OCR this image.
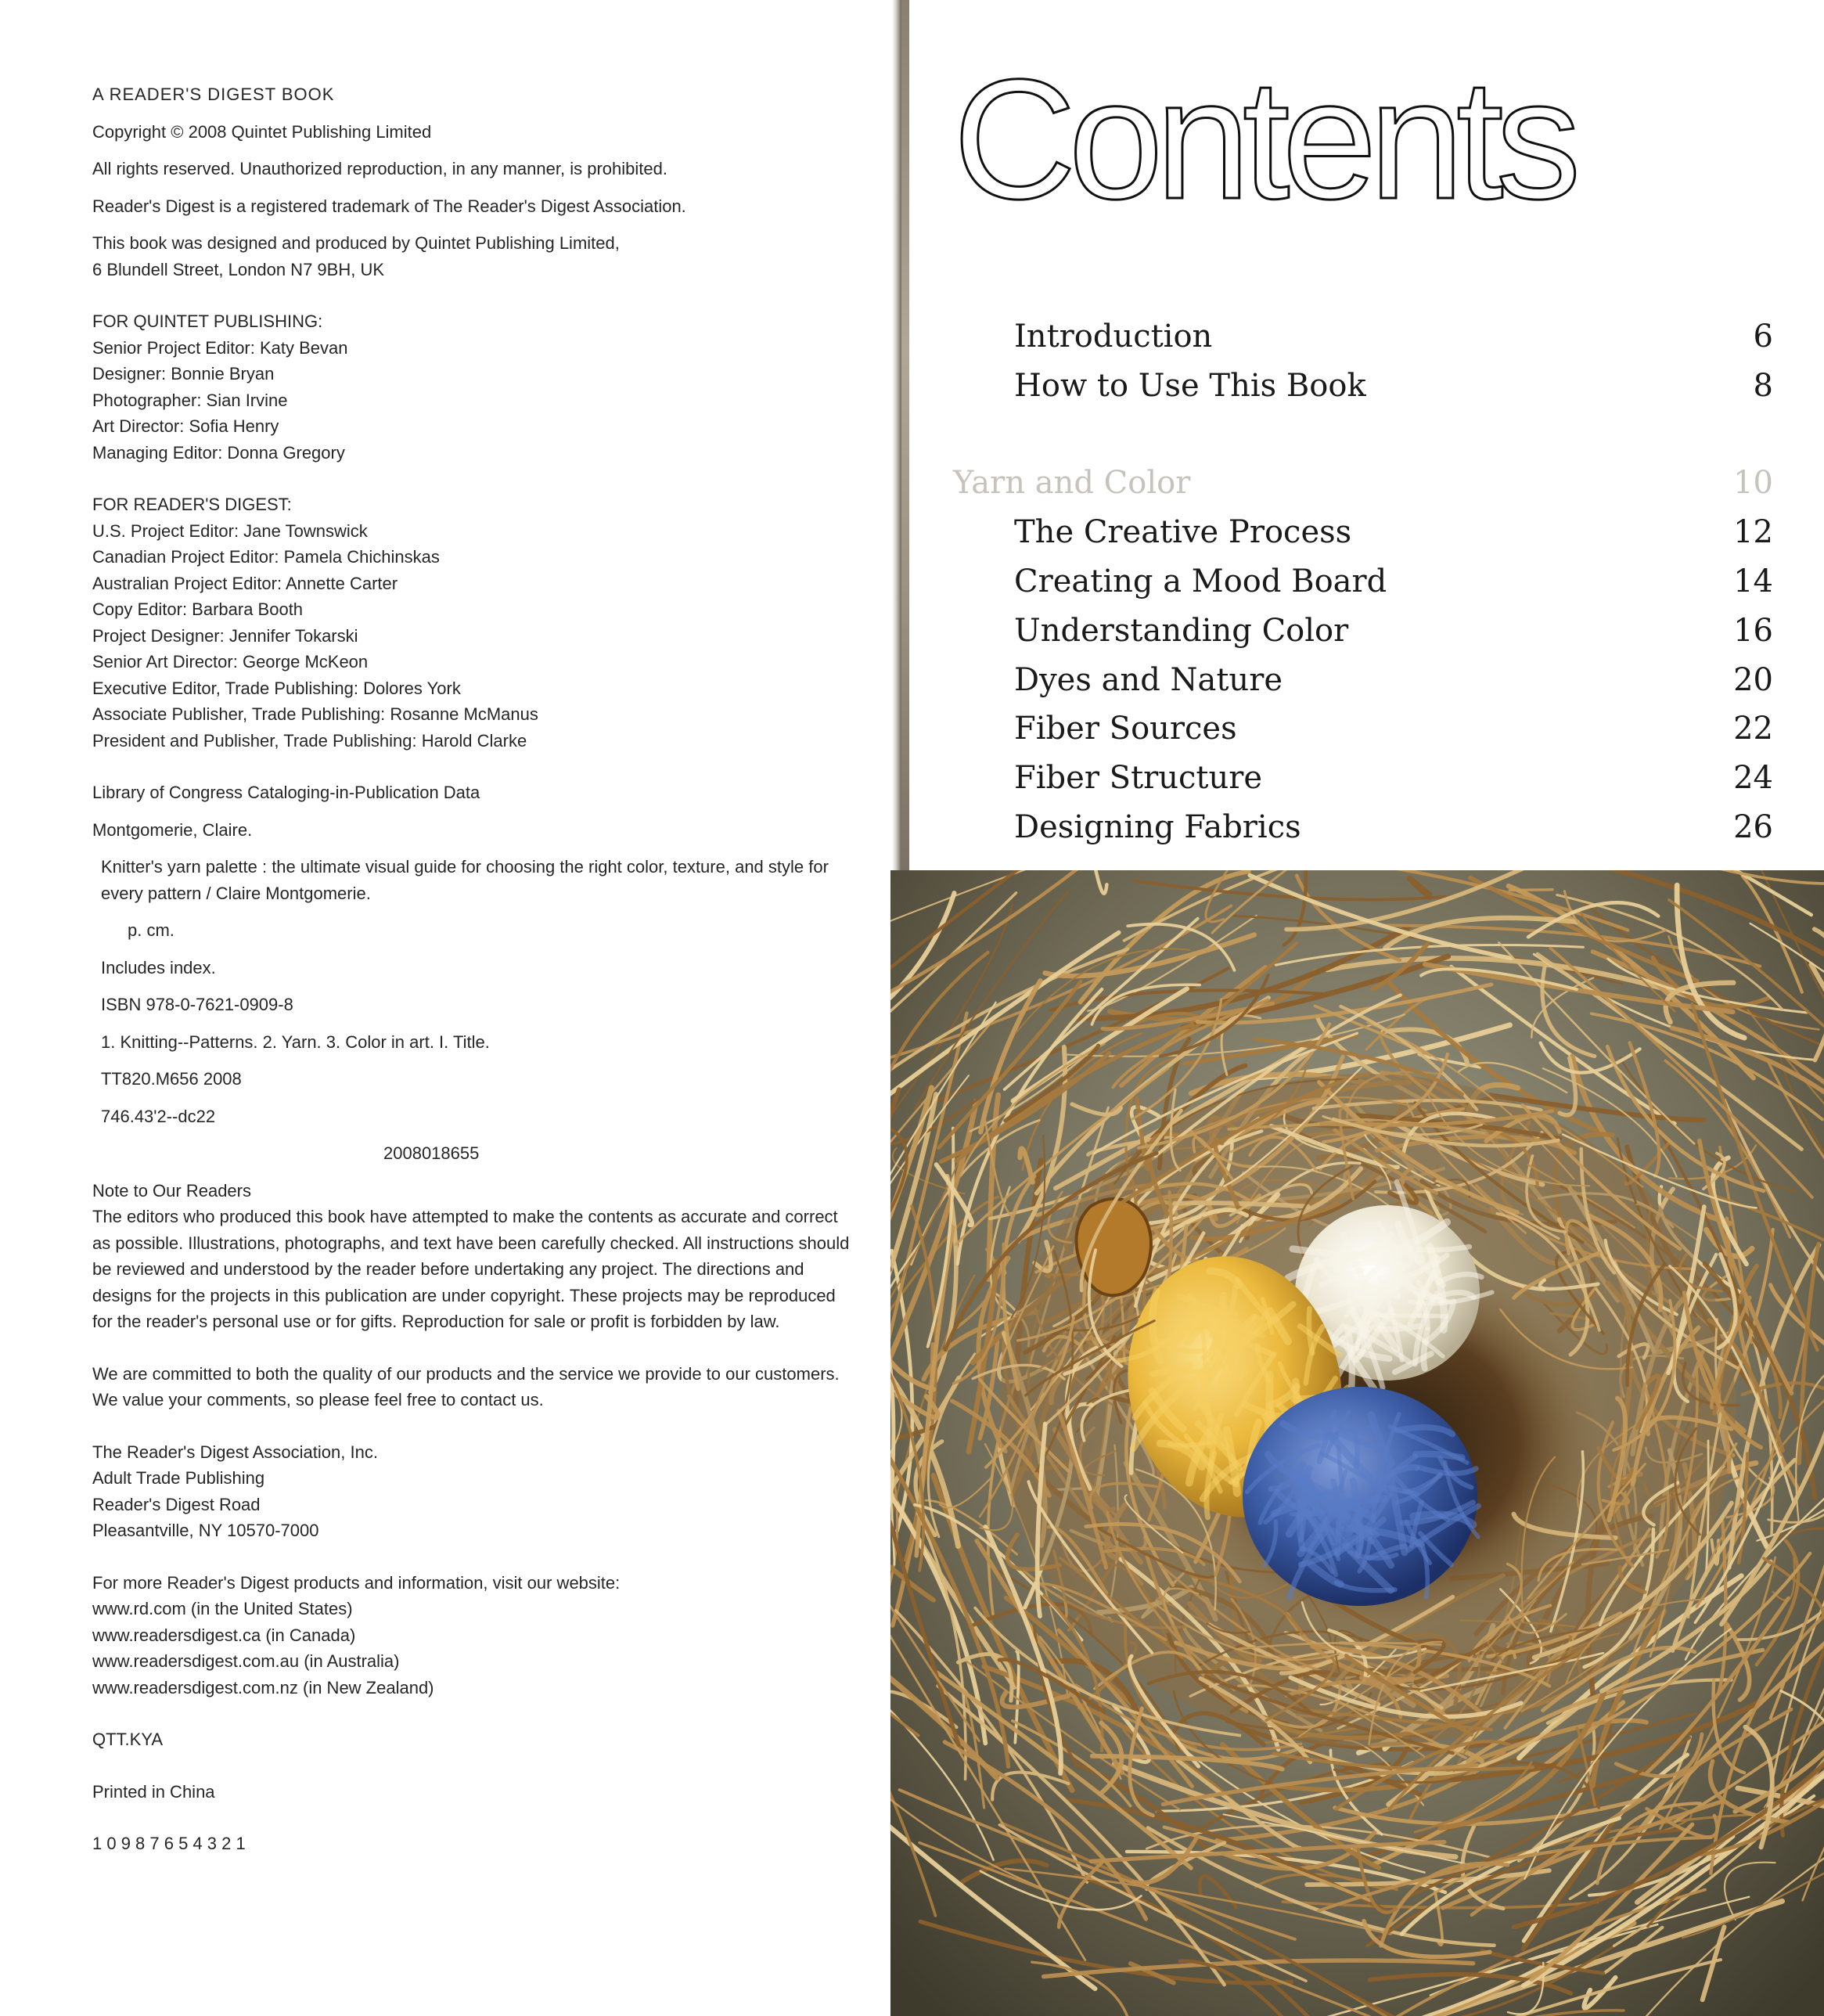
A READER'S DIGEST BOOK
Copyright © 2008 Quintet Publishing Limited
All rights reserved. Unauthorized reproduction, in any manner, is prohibited.
Reader's Digest is a registered trademark of The Reader's Digest Association.
This book was designed and produced by Quintet Publishing Limited,
6 Blundell Street, London N7 9BH, UK
FOR QUINTET PUBLISHING:
Senior Project Editor: Katy Bevan
Designer: Bonnie Bryan
Photographer: Sian Irvine
Art Director: Sofia Henry
Managing Editor: Donna Gregory
FOR READER'S DIGEST:
U.S. Project Editor: Jane Townswick
Canadian Project Editor: Pamela Chichinskas
Australian Project Editor: Annette Carter
Copy Editor: Barbara Booth
Project Designer: Jennifer Tokarski
Senior Art Director: George McKeon
Executive Editor, Trade Publishing: Dolores York
Associate Publisher, Trade Publishing: Rosanne McManus
President and Publisher, Trade Publishing: Harold Clarke
Library of Congress Cataloging-in-Publication Data
Montgomerie, Claire.
Knitter's yarn palette : the ultimate visual guide for choosing the right color, texture, and style for every pattern / Claire Montgomerie.
p. cm.
Includes index.
ISBN 978-0-7621-0909-8
1. Knitting--Patterns. 2. Yarn. 3. Color in art. I. Title.
TT820.M656 2008
746.43'2--dc22
2008018655
Note to Our Readers
The editors who produced this book have attempted to make the contents as accurate and correct as possible. Illustrations, photographs, and text have been carefully checked. All instructions should be reviewed and understood by the reader before undertaking any project. The directions and designs for the projects in this publication are under copyright. These projects may be reproduced for the reader's personal use or for gifts. Reproduction for sale or profit is forbidden by law.
We are committed to both the quality of our products and the service we provide to our customers. We value your comments, so please feel free to contact us.
The Reader's Digest Association, Inc.
Adult Trade Publishing
Reader's Digest Road
Pleasantville, NY 10570-7000
For more Reader's Digest products and information, visit our website:
www.rd.com (in the United States)
www.readersdigest.ca (in Canada)
www.readersdigest.com.au (in Australia)
www.readersdigest.com.nz (in New Zealand)
QTT.KYA
Printed in China
1 0 9 8 7 6 5 4 3 2 1
Contents
Introduction	6
How to Use This Book	8
Yarn and Color	10
The Creative Process	12
Creating a Mood Board	14
Understanding Color	16
Dyes and Nature	20
Fiber Sources	22
Fiber Structure	24
Designing Fabrics	26
